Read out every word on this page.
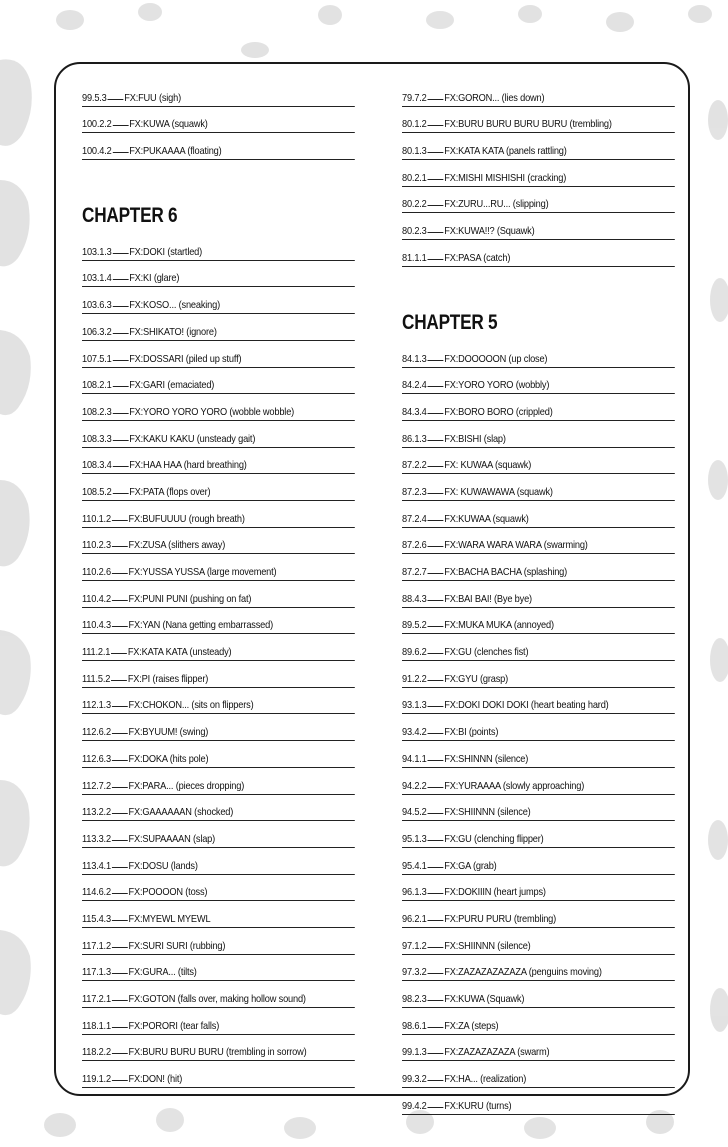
99.5.3 FX:FUU (sigh)
100.2.2 FX:KUWA (squawk)
100.4.2 FX:PUKAAAA (floating)
CHAPTER 6
103.1.3 FX:DOKI (startled)
103.1.4 FX:KI (glare)
103.6.3 FX:KOSO... (sneaking)
106.3.2 FX:SHIKATO! (ignore)
107.5.1 FX:DOSSARI (piled up stuff)
108.2.1 FX:GARI (emaciated)
108.2.3 FX:YORO YORO YORO (wobble wobble)
108.3.3 FX:KAKU KAKU (unsteady gait)
108.3.4 FX:HAA HAA (hard breathing)
108.5.2 FX:PATA (flops over)
110.1.2 FX:BUFUUUU (rough breath)
110.2.3 FX:ZUSA (slithers away)
110.2.6 FX:YUSSA YUSSA (large movement)
110.4.2 FX:PUNI PUNI (pushing on fat)
110.4.3 FX:YAN (Nana getting embarrassed)
111.2.1 FX:KATA KATA (unsteady)
111.5.2 FX:PI (raises flipper)
112.1.3 FX:CHOKON... (sits on flippers)
112.6.2 FX:BYUUM! (swing)
112.6.3 FX:DOKA (hits pole)
112.7.2 FX:PARA... (pieces dropping)
113.2.2 FX:GAAAAAAN (shocked)
113.3.2 FX:SUPAAAAN (slap)
113.4.1 FX:DOSU (lands)
114.6.2 FX:POOOON (toss)
115.4.3 FX:MYEWL MYEWL
117.1.2 FX:SURI SURI (rubbing)
117.1.3 FX:GURA... (tilts)
117.2.1 FX:GOTON (falls over, making hollow sound)
118.1.1 FX:PORORI (tear falls)
118.2.2 FX:BURU BURU BURU (trembling in sorrow)
119.1.2 FX:DON! (hit)
79.7.2 FX:GORON... (lies down)
80.1.2 FX:BURU BURU BURU BURU (trembling)
80.1.3 FX:KATA KATA (panels rattling)
80.2.1 FX:MISHI MISHISHI (cracking)
80.2.2 FX:ZURU...RU... (slipping)
80.2.3 FX:KUWA!!? (Squawk)
81.1.1 FX:PASA (catch)
CHAPTER 5
84.1.3 FX:DOOOOON (up close)
84.2.4 FX:YORO YORO (wobbly)
84.3.4 FX:BORO BORO (crippled)
86.1.3 FX:BISHI (slap)
87.2.2 FX: KUWAA (squawk)
87.2.3 FX: KUWAWAWA (squawk)
87.2.4 FX:KUWAA (squawk)
87.2.6 FX:WARA WARA WARA (swarming)
87.2.7 FX:BACHA BACHA (splashing)
88.4.3 FX:BAI BAI! (Bye bye)
89.5.2 FX:MUKA MUKA (annoyed)
89.6.2 FX:GU (clenches fist)
91.2.2 FX:GYU (grasp)
93.1.3 FX:DOKI DOKI DOKI (heart beating hard)
93.4.2 FX:BI (points)
94.1.1 FX:SHINNN (silence)
94.2.2 FX:YURAAAA (slowly approaching)
94.5.2 FX:SHIINNN (silence)
95.1.3 FX:GU (clenching flipper)
95.4.1 FX:GA (grab)
96.1.3 FX:DOKIIIN (heart jumps)
96.2.1 FX:PURU PURU (trembling)
97.1.2 FX:SHIINNN (silence)
97.3.2 FX:ZAZAZAZAZAZA (penguins moving)
98.2.3 FX:KUWA (Squawk)
98.6.1 FX:ZA (steps)
99.1.3 FX:ZAZAZAZAZA (swarm)
99.3.2 FX:HA... (realization)
99.4.2 FX:KURU (turns)
